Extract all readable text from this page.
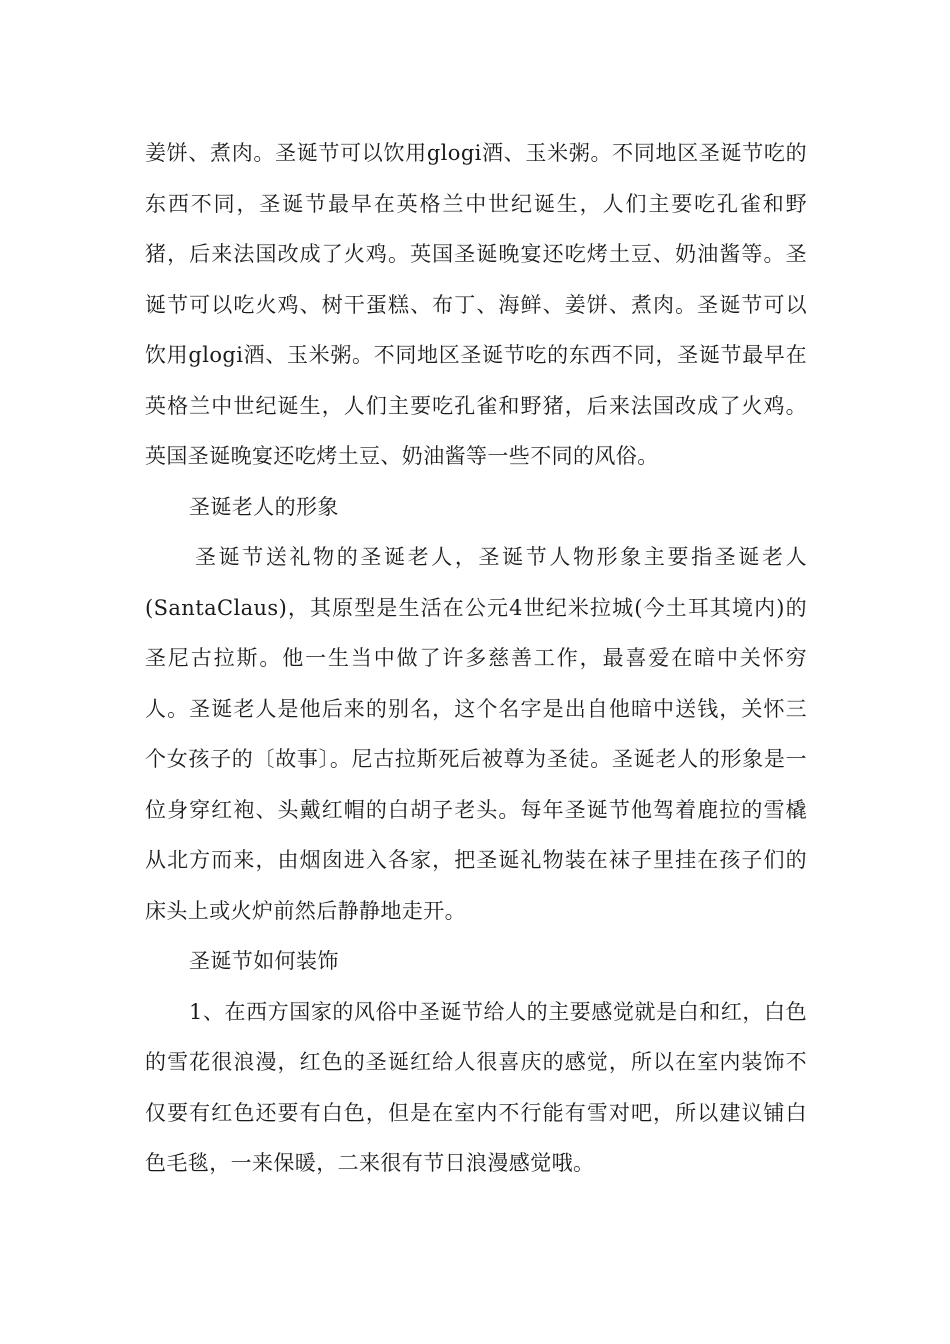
姜饼、煮肉。圣诞节可以饮用glogi酒、玉米粥。不同地区圣诞节吃的东西不同，圣诞节最早在英格兰中世纪诞生，人们主要吃孔雀和野猪，后来法国改成了火鸡。英国圣诞晚宴还吃烤土豆、奶油酱等。圣诞节可以吃火鸡、树干蛋糕、布丁、海鲜、姜饼、煮肉。圣诞节可以饮用glogi酒、玉米粥。不同地区圣诞节吃的东西不同，圣诞节最早在英格兰中世纪诞生，人们主要吃孔雀和野猪，后来法国改成了火鸡。英国圣诞晚宴还吃烤土豆、奶油酱等一些不同的风俗。

圣诞老人的形象

圣诞节送礼物的圣诞老人，圣诞节人物形象主要指圣诞老人(SantaClaus)，其原型是生活在公元4世纪米拉城(今土耳其境内)的圣尼古拉斯。他一生当中做了许多慈善工作，最喜爱在暗中关怀穷人。圣诞老人是他后来的别名，这个名字是出自他暗中送钱，关怀三个女孩子的〔故事〕。尼古拉斯死后被尊为圣徒。圣诞老人的形象是一位身穿红袍、头戴红帽的白胡子老头。每年圣诞节他驾着鹿拉的雪橇从北方而来，由烟囱进入各家，把圣诞礼物装在袜子里挂在孩子们的床头上或火炉前然后静静地走开。

圣诞节如何装饰

1、在西方国家的风俗中圣诞节给人的主要感觉就是白和红，白色的雪花很浪漫，红色的圣诞红给人很喜庆的感觉，所以在室内装饰不仅要有红色还要有白色，但是在室内不行能有雪对吧，所以建议铺白色毛毯，一来保暖，二来很有节日浪漫感觉哦。
